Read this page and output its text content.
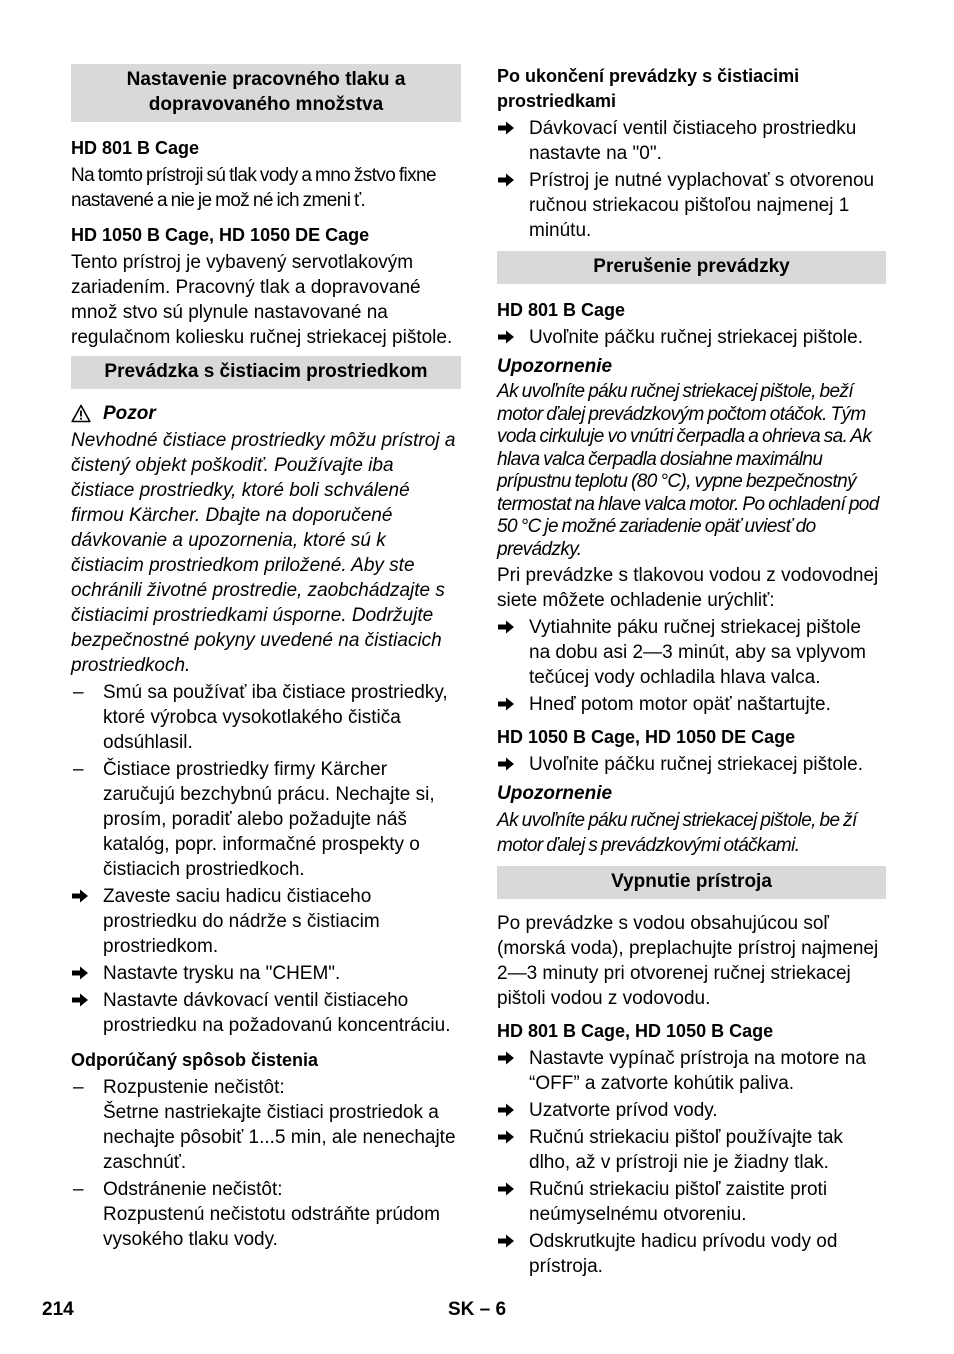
Nastavenie pracovného tlaku a dopravovaného množstva

HD 801 B Cage

Na tomto prístroji sú tlak vody a mno žstvo fixne nastavené a nie je mož né ich zmeni ť.

HD 1050 B Cage, HD 1050 DE Cage

Tento prístroj je vybavený servotlakovým zariadením. Pracovný tlak a dopravované množ stvo sú plynule nastavované na regulačnom koliesku ručnej striekacej pištole.

Prevádzka s čistiacim prostriedkom
Pozor

Nevhodné čistiace prostriedky môžu prístroj a čistený objekt poškodiť. Používajte iba čistiace prostriedky, ktoré boli schválené firmou Kärcher. Dbajte na doporučené dávkovanie a upozornenia, ktoré sú k čistiacim prostriedkom priložené. Aby ste ochránili životné prostredie, zaobchádzajte s čistiacimi prostriedkami úsporne. Dodržujte bezpečnostné pokyny uvedené na čistiacich prostriedkoch.

–	Smú sa používať iba čistiace prostriedky, ktoré výrobca vysokotlakého čističa odsúhlasil.
–	Čistiace prostriedky firmy Kärcher zaručujú bezchybnú prácu. Nechajte si, prosím, poradiť alebo požadujte náš katalóg, popr. informačné prospekty o čistiacich prostriedkoch.
Zaveste saciu hadicu čistiaceho prostriedku do nádrže s čistiacim prostriedkom.
Nastavte trysku na "CHEM".
Nastavte dávkovací ventil čistiaceho prostriedku na požadovanú koncentráciu.

Odporúčaný spôsob čistenia

–	Rozpustenie nečistôt:
Šetrne nastriekajte čistiaci prostriedok a nechajte pôsobiť 1...5 min, ale nenechajte zaschnúť.
–	Odstránenie nečistôt:
Rozpustenú nečistotu odstráňte prúdom vysokého tlaku vody.

Po ukončení prevádzky s čistiacimi prostriedkami

Dávkovací ventil čistiaceho prostriedku nastavte na "0".
Prístroj je nutné vyplachovať s otvorenou ručnou striekacou pištoľou najmenej 1 minútu.
Prerušenie prevádzky

HD 801 B Cage

Uvoľnite páčku ručnej striekacej pištole.

Upozornenie

Ak uvoľníte páku ručnej striekacej pištole, beží motor ďalej prevádzkovým počtom otáčok. Tým voda cirkuluje vo vnútri čerpadla a ohrieva sa. Ak hlava valca čerpadla dosiahne maximálnu prípustnu teplotu (80 °C), vypne bezpečnostný termostat na hlave valca motor. Po ochladení pod 50 °C je možné zariadenie opäť uviesť do prevádzky.

Pri prevádzke s tlakovou vodou z vodovodnej siete môžete ochladenie urýchliť:

Vytiahnite páku ručnej striekacej pištole na dobu asi 2—3 minút, aby sa vplyvom tečúcej vody ochladila hlava valca.
Hneď potom motor opäť naštartujte.

HD 1050 B Cage, HD 1050 DE Cage

Uvoľnite páčku ručnej striekacej pištole.

Upozornenie

Ak uvoľníte páku ručnej striekacej pištole, be ží motor ďalej s prevádzkovými otáčkami.

Vypnutie prístroja

Po prevádzke s vodou obsahujúcou soľ (morská voda), preplachujte prístroj najmenej 2—3 minuty pri otvorenej ručnej striekacej pištoli vodou z vodovodu.

HD 801 B Cage, HD 1050 B Cage

Nastavte vypínač prístroja na motore na “OFF” a zatvorte kohútik paliva.
Uzatvorte prívod vody.
Ručnú striekaciu pištoľ používajte tak dlho, až v prístroji nie je žiadny tlak.
Ručnú striekaciu pištoľ zaistite proti neúmyselnému otvoreniu.
Odskrutkujte hadicu prívodu vody od prístroja.
214	SK – 6
